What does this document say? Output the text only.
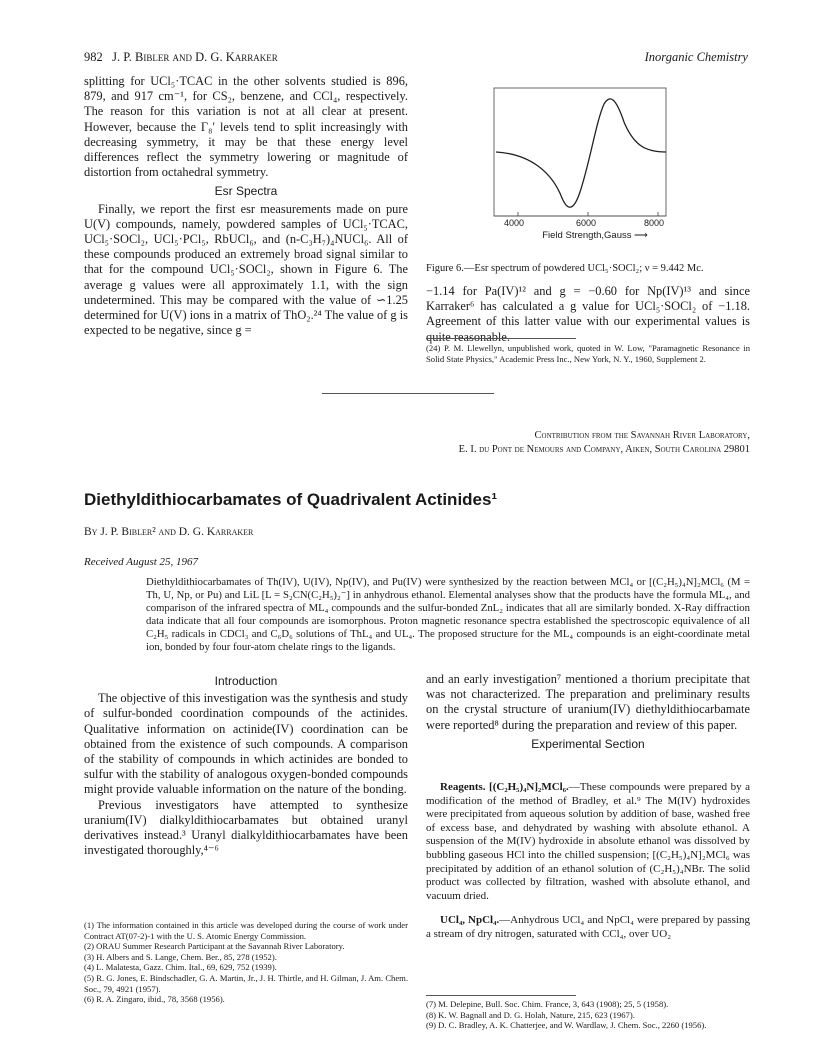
982 J. P. Bibler and D. G. Karraker	Inorganic Chemistry

splitting for UCl₅·TCAC in the other solvents studied is 896, 879, and 917 cm⁻¹, for CS₂, benzene, and CCl₄, respectively. The reason for this variation is not at all clear at present. However, because the Γ₈′ levels tend to split increasingly with decreasing symmetry, it may be that these energy level differences reflect the symmetry lowering or magnitude of distortion from octahedral symmetry.

Esr Spectra

Finally, we report the first esr measurements made on pure U(V) compounds, namely, powdered samples of UCl₅·TCAC, UCl₅·SOCl₂, UCl₅·PCl₅, RbUCl₆, and (n-C₃H₇)₄NUCl₆. All of these compounds produced an extremely broad signal similar to that for the compound UCl₅·SOCl₂, shown in Figure 6. The average g values were all approximately 1.1, with the sign undetermined. This may be compared with the value of ∽1.25 determined for U(V) ions in a matrix of ThO₂.²⁴ The value of g is expected to be negative, since g =

4000	6000	8000
Field Strength,Gauss ⟶
Figure 6.—Esr spectrum of powdered UCl₅·SOCl₂; ν = 9.442 Mc.

−1.14 for Pa(IV)¹² and g = −0.60 for Np(IV)¹³ and since Karraker⁶ has calculated a g value for UCl₅·SOCl₂ of −1.18. Agreement of this latter value with our experimental values is quite reasonable.

(24) P. M. Llewellyn, unpublished work, quoted in W. Low, "Paramagnetic Resonance in Solid State Physics," Academic Press Inc., New York, N. Y., 1960, Supplement 2.
Contribution from the Savannah River Laboratory,
E. I. du Pont de Nemours and Company, Aiken, South Carolina 29801
Diethyldithiocarbamates of Quadrivalent Actinides¹
By J. P. Bibler² and D. G. Karraker
Received August 25, 1967
Diethyldithiocarbamates of Th(IV), U(IV), Np(IV), and Pu(IV) were synthesized by the reaction between MCl₄ or [(C₂H₅)₄N]₂MCl₆ (M = Th, U, Np, or Pu) and LiL [L = S₂CN(C₂H₅)₂⁻] in anhydrous ethanol. Elemental analyses show that the products have the formula ML₄, and comparison of the infrared spectra of ML₄ compounds and the sulfur-bonded ZnL₂ indicates that all are similarly bonded. X-Ray diffraction data indicate that all four compounds are isomorphous. Proton magnetic resonance spectra established the spectroscopic equivalence of all C₂H₅ radicals in CDCl₃ and C₆D₆ solutions of ThL₄ and UL₄. The proposed structure for the ML₄ compounds is an eight-coordinate metal ion, bonded by four four-atom chelate rings to the ligands.
Introduction

The objective of this investigation was the synthesis and study of sulfur-bonded coordination compounds of the actinides. Qualitative information on actinide(IV) coordination can be obtained from the existence of such compounds. A comparison of the stability of compounds in which actinides are bonded to sulfur with the stability of analogous oxygen-bonded compounds might provide valuable information on the nature of the bonding.

Previous investigators have attempted to synthesize uranium(IV) dialkyldithiocarbamates but obtained uranyl derivatives instead.³ Uranyl dialkyldithiocarbamates have been investigated thoroughly,⁴⁻⁶

(1) The information contained in this article was developed during the course of work under Contract AT(07-2)-1 with the U. S. Atomic Energy Commission.

(2) ORAU Summer Research Participant at the Savannah River Laboratory.

(3) H. Albers and S. Lange, Chem. Ber., 85, 278 (1952).

(4) L. Malatesta, Gazz. Chim. Ital., 69, 629, 752 (1939).

(5) R. G. Jones, E. Bindschadler, G. A. Martin, Jr., J. H. Thirtle, and H. Gilman, J. Am. Chem. Soc., 79, 4921 (1957).

(6) R. A. Zingaro, ibid., 78, 3568 (1956).

and an early investigation⁷ mentioned a thorium precipitate that was not characterized. The preparation and preliminary results on the crystal structure of uranium(IV) diethyldithiocarbamate were reported⁸ during the preparation and review of this paper.

Experimental Section

Reagents. [(C₂H₅)₄N]₂MCl₆.—These compounds were prepared by a modification of the method of Bradley, et al.⁹ The M(IV) hydroxides were precipitated from aqueous solution by addition of base, washed free of excess base, and dehydrated by washing with absolute ethanol. A suspension of the M(IV) hydroxide in absolute ethanol was dissolved by bubbling gaseous HCl into the chilled suspension; [(C₂H₅)₄N]₂MCl₆ was precipitated by addition of an ethanol solution of (C₂H₅)₄NBr. The solid product was collected by filtration, washed with absolute ethanol, and vacuum dried.

UCl₄, NpCl₄.—Anhydrous UCl₄ and NpCl₄ were prepared by passing a stream of dry nitrogen, saturated with CCl₄, over UO₂

(7) M. Delepine, Bull. Soc. Chim. France, 3, 643 (1908); 25, 5 (1958).

(8) K. W. Bagnall and D. G. Holah, Nature, 215, 623 (1967).

(9) D. C. Bradley, A. K. Chatterjee, and W. Wardlaw, J. Chem. Soc., 2260 (1956).
